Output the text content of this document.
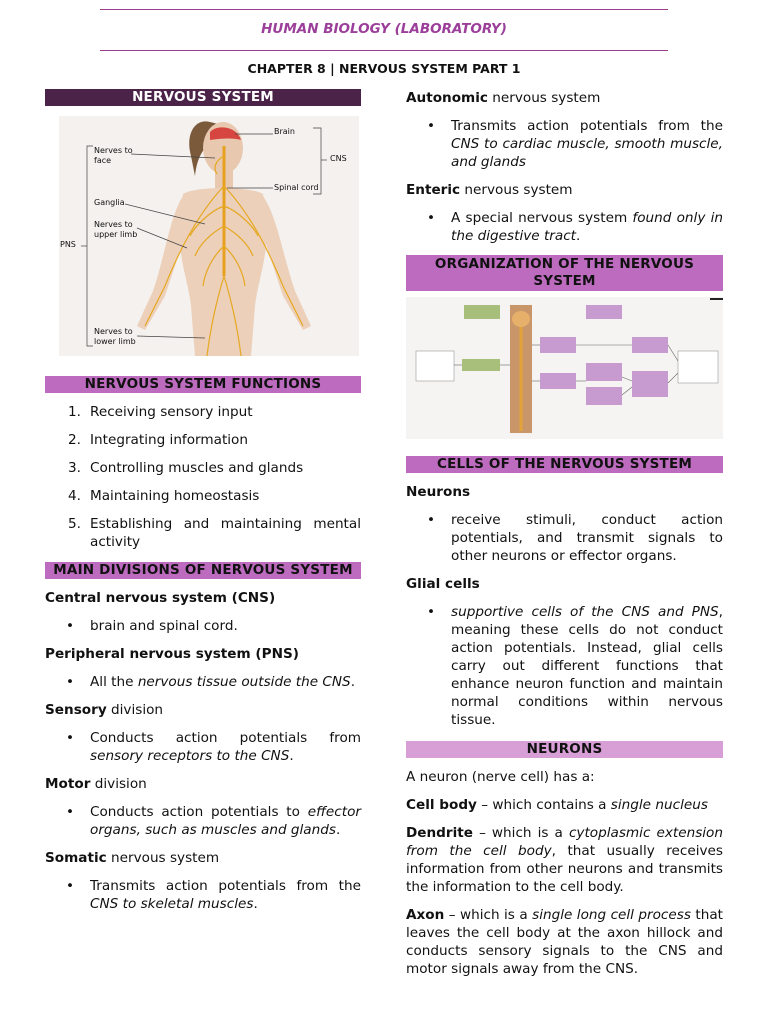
HUMAN BIOLOGY (LABORATORY)
CHAPTER 8 | NERVOUS SYSTEM PART 1
NERVOUS SYSTEM
Brain
Nerves to face	CNS
Spinal cord
Ganglia
Nerves to upper limb
PNS
Nerves to lower limb
NERVOUS SYSTEM FUNCTIONS
1. Receiving sensory input
2. Integrating information
3. Controlling muscles and glands
4. Maintaining homeostasis
5. Establishing and maintaining mental activity
MAIN DIVISIONS OF NERVOUS SYSTEM

Central nervous system (CNS)

• brain and spinal cord.

Peripheral nervous system (PNS)

• All the nervous tissue outside the CNS.

Sensory division

• Conducts action potentials from sensory receptors to the CNS.

Motor division

• Conducts action potentials to effector organs, such as muscles and glands.

Somatic nervous system

• Transmits action potentials from the CNS to skeletal muscles.

Autonomic nervous system

• Transmits action potentials from the CNS to cardiac muscle, smooth muscle, and glands

Enteric nervous system

• A special nervous system found only in the digestive tract.
ORGANIZATION OF THE NERVOUS SYSTEM
CELLS OF THE NERVOUS SYSTEM

Neurons

• receive stimuli, conduct action potentials, and transmit signals to other neurons or effector organs.

Glial cells

• supportive cells of the CNS and PNS, meaning these cells do not conduct action potentials. Instead, glial cells carry out different functions that enhance neuron function and maintain normal conditions within nervous tissue.
NEURONS

A neuron (nerve cell) has a:

Cell body – which contains a single nucleus

Dendrite – which is a cytoplasmic extension from the cell body, that usually receives information from other neurons and transmits the information to the cell body.

Axon – which is a single long cell process that leaves the cell body at the axon hillock and conducts sensory signals to the CNS and motor signals away from the CNS.
